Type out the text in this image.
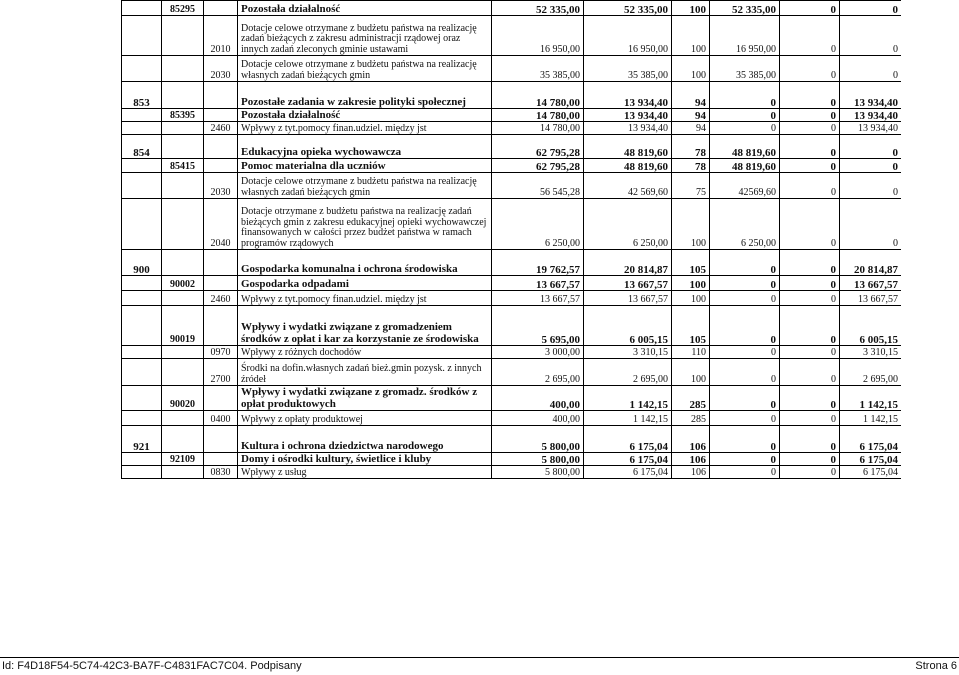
	85295		Pozostała działalność	52 335,00	52 335,00	100	52 335,00	0	0
		2010	Dotacje celowe otrzymane z budżetu państwa na realizację zadań bieżących z zakresu administracji rządowej oraz innych zadań zleconych gminie ustawami	16 950,00	16 950,00	100	16 950,00	0	0
		2030	Dotacje celowe otrzymane z budżetu państwa na realizację własnych zadań bieżących gmin	35 385,00	35 385,00	100	35 385,00	0	0
853			Pozostałe zadania w zakresie polityki społecznej	14 780,00	13 934,40	94	0	0	13 934,40
	85395		Pozostała działalność	14 780,00	13 934,40	94	0	0	13 934,40
		2460	Wpływy z tyt.pomocy finan.udziel. między jst	14 780,00	13 934,40	94	0	0	13 934,40
854			Edukacyjna opieka wychowawcza	62 795,28	48 819,60	78	48 819,60	0	0
	85415		Pomoc materialna dla uczniów	62 795,28	48 819,60	78	48 819,60	0	0
		2030	Dotacje celowe otrzymane z budżetu państwa na realizację własnych zadań bieżących gmin	56 545,28	42 569,60	75	42569,60	0	0
		2040	Dotacje otrzymane z budżetu państwa na realizację zadań bieżących gmin z zakresu edukacyjnej opieki wychowawczej finansowanych w całości przez budżet państwa w ramach programów rządowych	6 250,00	6 250,00	100	6 250,00	0	0
900			Gospodarka komunalna i ochrona środowiska	19 762,57	20 814,87	105	0	0	20 814,87
	90002		Gospodarka odpadami	13 667,57	13 667,57	100	0	0	13 667,57
		2460	Wpływy z tyt.pomocy finan.udziel. między jst	13 667,57	13 667,57	100	0	0	13 667,57
	90019		Wpływy i wydatki związane z gromadzeniem środków z opłat i kar za korzystanie ze środowiska	5 695,00	6 005,15	105	0	0	6 005,15
		0970	Wpływy z różnych dochodów	3 000,00	3 310,15	110	0	0	3 310,15
		2700	Środki na dofin.własnych zadań bież.gmin pozysk. z innych źródeł	2 695,00	2 695,00	100	0	0	2 695,00
	90020		Wpływy i wydatki związane z gromadz. środków z opłat produktowych	400,00	1 142,15	285	0	0	1 142,15
		0400	Wpływy z opłaty produktowej	400,00	1 142,15	285	0	0	1 142,15
921			Kultura i ochrona dziedzictwa narodowego	5 800,00	6 175,04	106	0	0	6 175,04
	92109		Domy i ośrodki kultury, świetlice i kluby	5 800,00	6 175,04	106	0	0	6 175,04
		0830	Wpływy z usług	5 800,00	6 175,04	106	0	0	6 175,04
Id: F4D18F54-5C74-42C3-BA7F-C4831FAC7C04. Podpisany	Strona 6
